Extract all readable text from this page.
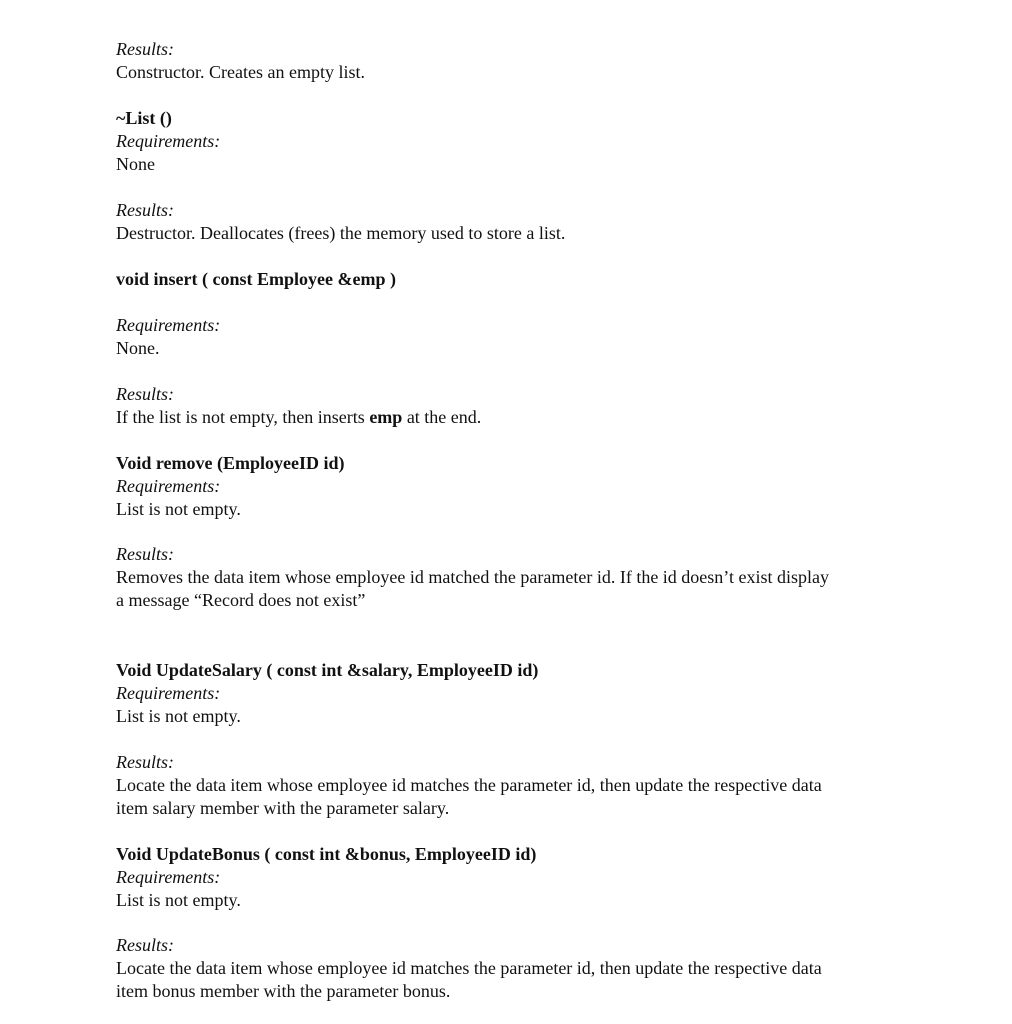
Results:
Constructor. Creates an empty list.
~List ()
Requirements:
None
Results:
Destructor. Deallocates (frees) the memory used to store a list.
void insert ( const Employee &emp )
Requirements:
None.
Results:
If the list is not empty, then inserts emp at the end.
Void remove (EmployeeID id)
Requirements:
List is not empty.
Results:
Removes the data item whose employee id matched the parameter id. If the id doesn’t exist display
a message “Record does not exist”
Void UpdateSalary ( const int &salary, EmployeeID id)
Requirements:
List is not empty.
Results:
Locate the data item whose employee id matches the parameter id, then update the respective data
item salary member with the parameter salary.
Void UpdateBonus ( const int &bonus, EmployeeID id)
Requirements:
List is not empty.
Results:
Locate the data item whose employee id matches the parameter id, then update the respective data
item bonus member with the parameter bonus.
